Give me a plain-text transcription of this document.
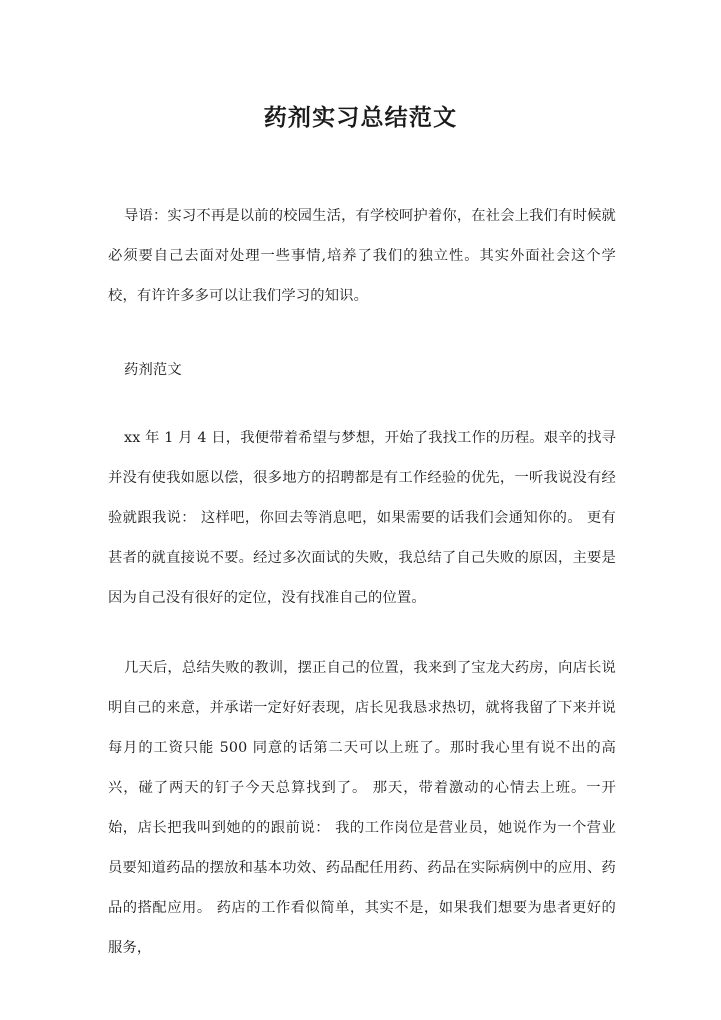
药剂实习总结范文

导语：实习不再是以前的校园生活，有学校呵护着你，在社会上我们有时候就必须要自己去面对处理一些事情,培养了我们的独立性。其实外面社会这个学校，有许许多多可以让我们学习的知识。

药剂范文

xx 年 1 月 4 日，我便带着希望与梦想，开始了我找工作的历程。艰辛的找寻并没有使我如愿以偿，很多地方的招聘都是有工作经验的优先，一听我说没有经验就跟我说： 这样吧，你回去等消息吧，如果需要的话我们会通知你的。 更有甚者的就直接说不要。经过多次面试的失败，我总结了自己失败的原因，主要是因为自己没有很好的定位，没有找准自己的位置。

几天后，总结失败的教训，摆正自己的位置，我来到了宝龙大药房，向店长说明自己的来意，并承诺一定好好表现，店长见我恳求热切，就将我留了下来并说每月的工资只能 500 同意的话第二天可以上班了。那时我心里有说不出的高兴，碰了两天的钉子今天总算找到了。 那天，带着激动的心情去上班。一开始，店长把我叫到她的的跟前说： 我的工作岗位是营业员，她说作为一个营业员要知道药品的摆放和基本功效、药品配任用药、药品在实际病例中的应用、药品的搭配应用。 药店的工作看似简单，其实不是，如果我们想要为患者更好的服务，
